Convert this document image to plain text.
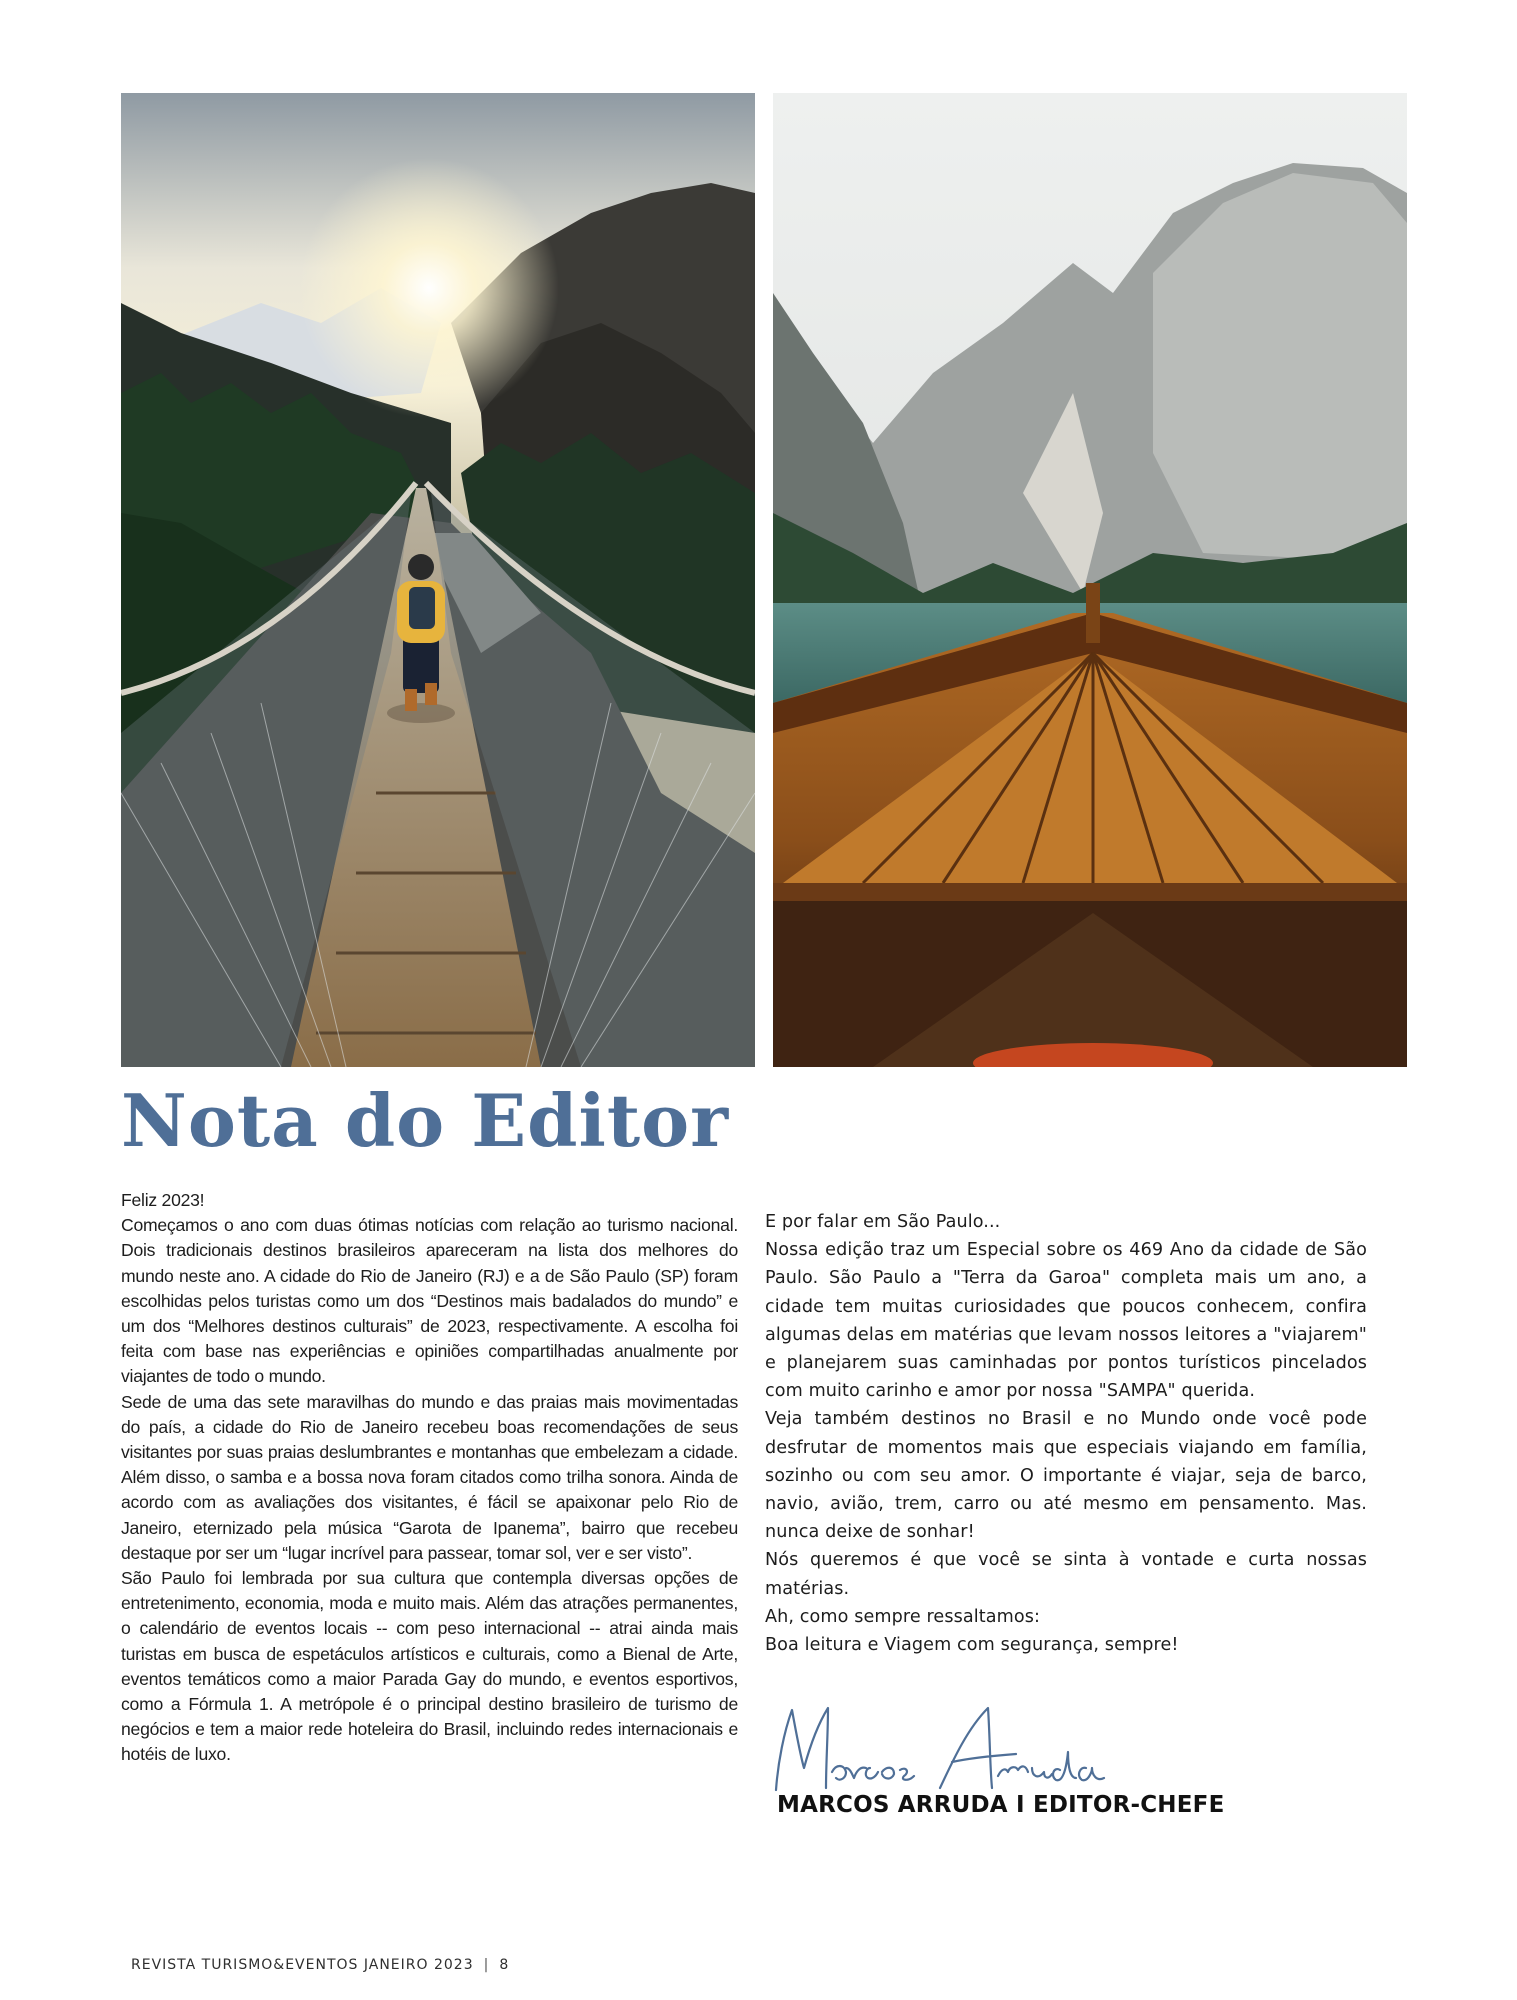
Nota do Editor

Feliz 2023!

Começamos o ano com duas ótimas notícias com relação ao turismo nacional. Dois tradicionais destinos brasileiros apareceram na lista dos melhores do mundo neste ano. A cidade do Rio de Janeiro (RJ) e a de São Paulo (SP) foram escolhidas pelos turistas como um dos “Destinos mais badalados do mundo” e um dos “Melhores destinos culturais” de 2023, respectivamente. A escolha foi feita com base nas experiências e opiniões compartilhadas anualmente por viajantes de todo o mundo.

Sede de uma das sete maravilhas do mundo e das praias mais movimentadas do país, a cidade do Rio de Janeiro recebeu boas recomendações de seus visitantes por suas praias deslumbrantes e montanhas que embelezam a cidade. Além disso, o samba e a bossa nova foram citados como trilha sonora. Ainda de acordo com as avaliações dos visitantes, é fácil se apaixonar pelo Rio de Janeiro, eternizado pela música “Garota de Ipanema”, bairro que recebeu destaque por ser um “lugar incrível para passear, tomar sol, ver e ser visto”.

São Paulo foi lembrada por sua cultura que contempla diversas opções de entretenimento, economia, moda e muito mais. Além das atrações permanentes, o calendário de eventos locais -- com peso internacional -- atrai ainda mais turistas em busca de espetáculos artísticos e culturais, como a Bienal de Arte, eventos temáticos como a maior Parada Gay do mundo, e eventos esportivos, como a Fórmula 1. A metrópole é o principal destino brasileiro de turismo de negócios e tem a maior rede hoteleira do Brasil, incluindo redes internacionais e hotéis de luxo.

E por falar em São Paulo...

Nossa edição traz um Especial sobre os 469 Ano da cidade de São Paulo. São Paulo a "Terra da Garoa" completa mais um ano, a cidade tem muitas curiosidades que poucos conhecem, confira algumas delas em matérias que levam nossos leitores a "viajarem" e planejarem suas caminhadas por pontos turísticos pincelados com muito carinho e amor por nossa "SAMPA" querida.

Veja também destinos no Brasil e no Mundo onde você pode desfrutar de momentos mais que especiais viajando em família, sozinho ou com seu amor. O importante é viajar, seja de barco, navio, avião, trem, carro ou até mesmo em pensamento. Mas. nunca deixe de sonhar!

Nós queremos é que você se sinta à vontade e curta nossas matérias.

Ah, como sempre ressaltamos:

Boa leitura e Viagem com segurança, sempre!

MARCOS ARRUDA I EDITOR-CHEFE
REVISTA TURISMO&EVENTOS JANEIRO 2023 | 8
